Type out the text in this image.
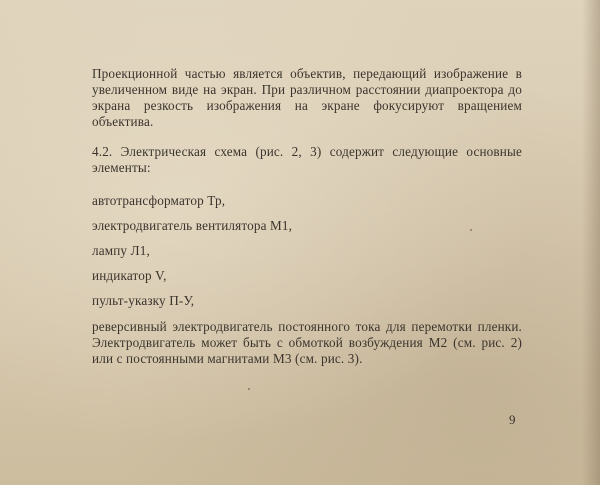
Проекционной частью является объектив, передающий изображение в увеличенном виде на экран. При различном расстоянии диапроектора до экрана резкость изображения на экране фокусируют вращением объектива.

4.2. Электрическая схема (рис. 2, 3) содержит следующие основные элементы:

автотрансформатор Тр,

электродвигатель вентилятора М1,

лампу Л1,

индикатор V,

пульт-указку П-У,

реверсивный электродвигатель постоянного тока для перемотки пленки. Электродвигатель может быть с обмоткой возбуждения М2 (см. рис. 2) или с постоянными магнитами М3 (см. рис. 3).

9
